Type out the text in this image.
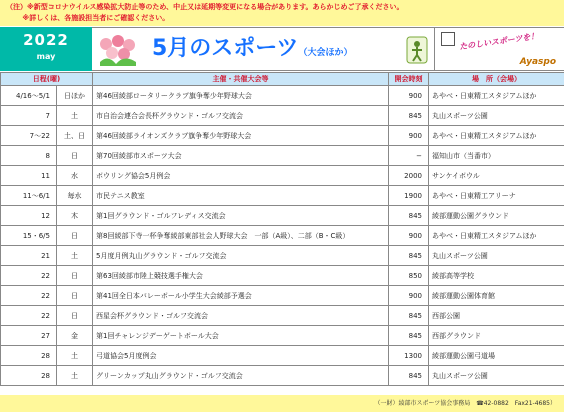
（注）※新型コロナウイルス感染拡大防止等のため、中止又は延期等変更になる場合があります。あらかじめご了承ください。
　　 ※詳しくは、各施設担当者にご確認ください。
2022
may	5月のスポーツ（大会ほか）
たのしいスポーツを！
Ayaspo
日程(曜)		主催・共催大会等	開会時刻	場　所（会場）
4/16〜5/1	日ほか	第46回綾部ロータリークラブ旗争奪少年野球大会	900	あやべ・日東精工スタジアムほか
7	土	市自治会連合会長杯グラウンド・ゴルフ交流会	845	丸山スポーツ公園
7〜22	土、日	第46回綾部ライオンズクラブ旗争奪少年野球大会	900	あやべ・日東精工スタジアムほか
8	日	第70回綾部市スポーツ大会	−	福知山市（当番市）
11	水	ボウリング協会5月例会	2000	サンケイボウル
11〜6/1	毎水	市民テニス教室	1900	あやべ・日東精工アリーナ
12	木	第1回グラウンド・ゴルフレディス交流会	845	綾部運動公園グラウンド
15・6/5	日	第8回綾部下寺一杯争奪綾部東部社会人野球大会　一部（A級）、二部（B・C級）	900	あやべ・日東精工スタジアムほか
21	土	5月度月例丸山グラウンド・ゴルフ交流会	845	丸山スポーツ公園
22	日	第63回綾部市陸上競技選手権大会	850	綾部高等学校
22	日	第41回全日本バレーボール小学生大会綾部予選会	900	綾部運動公園体育館
22	日	西星会杯グラウンド・ゴルフ交流会	845	西部公園
27	金	第1回チャレンジデーゲートボール大会	845	西部グラウンド
28	土	弓道協会5月度例会	1300	綾部運動公園弓道場
28	土	グリーンカップ丸山グラウンド・ゴルフ交流会	845	丸山スポーツ公園
（一財）綾部市スポーツ協会事務局　☎42-0882　Fax21-4685）
